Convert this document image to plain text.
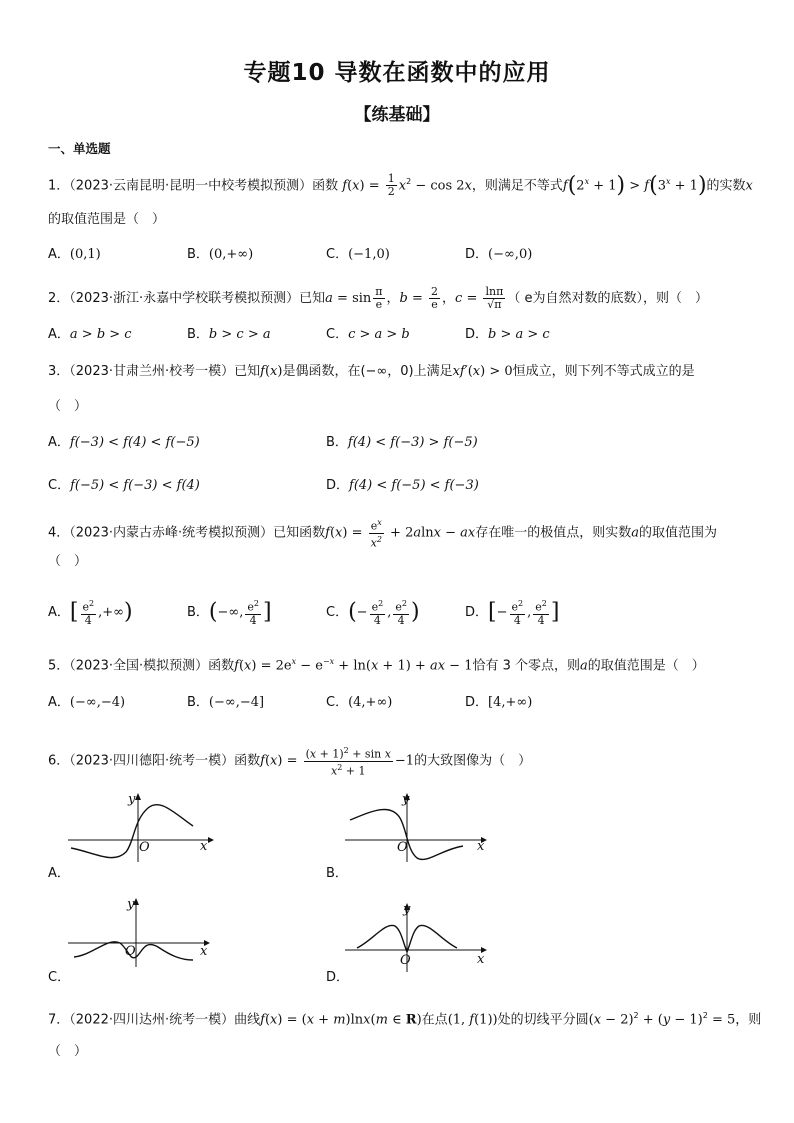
专题10 导数在函数中的应用
【练基础】
一、单选题
1．（2023·云南昆明·昆明一中校考模拟预测）函数 $f(x) = \frac{1}{2} x^2 - \cos 2x$，则满足不等式$f(2^x + 1) > f(3^x + 1)$的实数x
的取值范围是（　）
A．(0,1)	B．(0,+∞)	C．(−1,0)	D．(−∞,0)
2．（2023·浙江·永嘉中学校联考模拟预测）已知$a = \sin \frac{\pi}{e}$ ，$b = \frac{2}{e}$ ，$c = \frac{\ln\pi}{√\pi}$ （ e为自然对数的底数），则（　）
A．a > b > c	B．b > c > a	C．c > a > b	D．b > a > c
3．（2023·甘肃兰州·校考一模）已知f(x)是偶函数，在(−∞，0)上满足xf′(x) > 0恒成立，则下列不等式成立的是
（　）
A．f(−3) < f(4) < f(−5)	B．f(4) < f(−3) > f(−5)
C．f(−5) < f(−3) < f(4)	D．f(4) < f(−5) < f(−3)
4．（2023·内蒙古赤峰·统考模拟预测）已知函数$f(x) = \frac{e^x}{x^2} + 2alnx$ − ax存在唯一的极值点，则实数a的取值范围为
（　）
A．[ $\frac{e^2}{4}$ ,+∞)	B．(−∞, $\frac{e^2}{4}$ ]	C．(− $\frac{e^2}{4}$ , $\frac{e^2}{4}$ )	D．[− $\frac{e^2}{4}$ , $\frac{e^2}{4}$ ]
5．（2023·全国·模拟预测）函数$f(x) = 2e^x - e^{-x} + \ln(x + 1)$ + ax − 1恰有 3 个零点，则a的取值范围是（　）
A．(−∞,−4)	B．(−∞,−4]	C．(4,+∞)	D．[4,+∞)
6．（2023·四川德阳·统考一模）函数$f(x) = \frac{(x + 1)^2 + \sin x}{x^2 + 1} -1$的大致图像为（　）
y
x
O
A．
y
x
O
B．
y
x
O
C．
y
x
O
D．
7．（2022·四川达州·统考一模）曲线f(x) = (x + m)lnx(m ∈ R)在点(1, f(1))处的切线平分圆$(x - 2)^2 + (y - 1)^2 = 5$，则
（　）
